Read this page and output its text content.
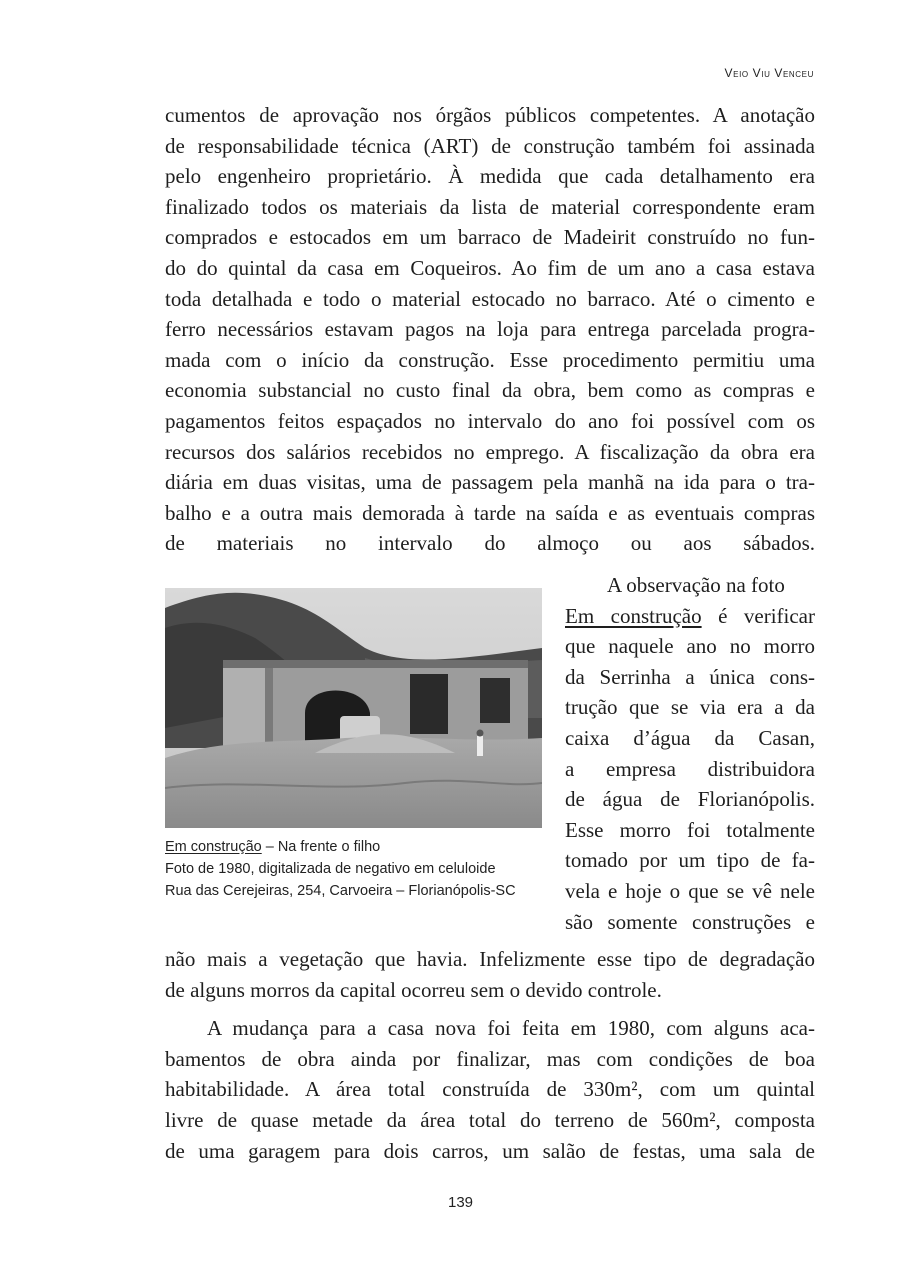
Veio Viu Venceu
cumentos de aprovação nos órgãos públicos competentes. A anotação
de responsabilidade técnica (ART) de construção também foi assinada
pelo engenheiro proprietário. À medida que cada detalhamento era
finalizado todos os materiais da lista de material correspondente eram
comprados e estocados em um barraco de Madeirit construído no fun-
do do quintal da casa em Coqueiros. Ao fim de um ano a casa estava
toda detalhada e todo o material estocado no barraco. Até o cimento e
ferro necessários estavam pagos na loja para entrega parcelada progra-
mada com o início da construção. Esse procedimento permitiu uma
economia substancial no custo final da obra, bem como as compras e
pagamentos feitos espaçados no intervalo do ano foi possível com os
recursos dos salários recebidos no emprego. A fiscalização da obra era
diária em duas visitas, uma de passagem pela manhã na ida para o tra-
balho e a outra mais demorada à tarde na saída e as eventuais compras
de materiais no intervalo do almoço ou aos sábados.
Em construção – Na frente o filho
Foto de 1980, digitalizada de negativo em celuloide
Rua das Cerejeiras, 254, Carvoeira – Florianópolis-SC
A observação na foto
Em construção é verificar
que naquele ano no morro
da Serrinha a única cons-
trução que se via era a da
caixa d’água da Casan,
a empresa distribuidora
de água de Florianópolis.
Esse morro foi totalmente
tomado por um tipo de fa-
vela e hoje o que se vê nele
são somente construções e
não mais a vegetação que havia. Infelizmente esse tipo de degradação
de alguns morros da capital ocorreu sem o devido controle.
A mudança para a casa nova foi feita em 1980, com alguns aca-
bamentos de obra ainda por finalizar, mas com condições de boa
habitabilidade. A área total construída de 330m², com um quintal
livre de quase metade da área total do terreno de 560m², composta
de uma garagem para dois carros, um salão de festas, uma sala de
139
